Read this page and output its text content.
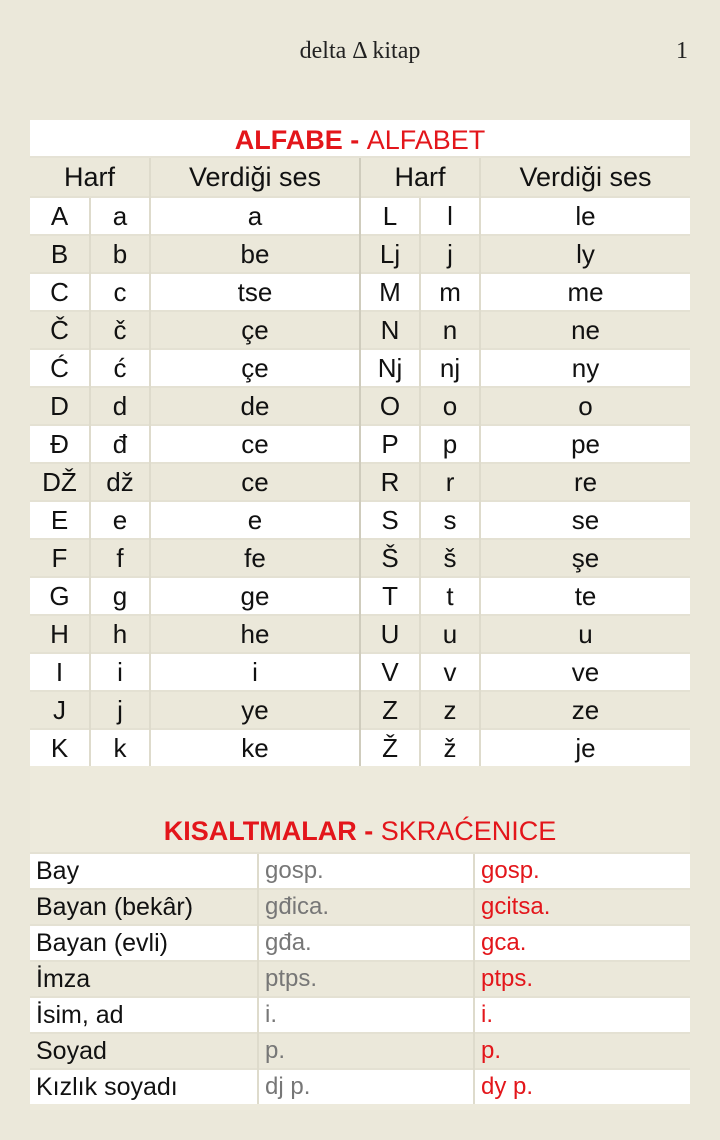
delta Δ kitap	1
ALFABE - ALFABET
Harf		Verdiği ses	Harf		Verdiği ses
A	a	a	L	l	le
B	b	be	Lj	j	ly
C	c	tse	M	m	me
Č	č	çe	N	n	ne
Ć	ć	çe	Nj	nj	ny
D	d	de	O	o	o
Đ	đ	ce	P	p	pe
DŽ	dž	ce	R	r	re
E	e	e	S	s	se
F	f	fe	Š	š	şe
G	g	ge	T	t	te
H	h	he	U	u	u
I	i	i	V	v	ve
J	j	ye	Z	z	ze
K	k	ke	Ž	ž	je
KISALTMALAR - SKRAĆENICE
Bay	gosp.	gosp.
Bayan (bekâr)	gđica.	gcitsa.
Bayan (evli)	gđa.	gca.
İmza	ptps.	ptps.
İsim, ad	i.	i.
Soyad	p.	p.
Kızlık soyadı	dj p.	dy p.
